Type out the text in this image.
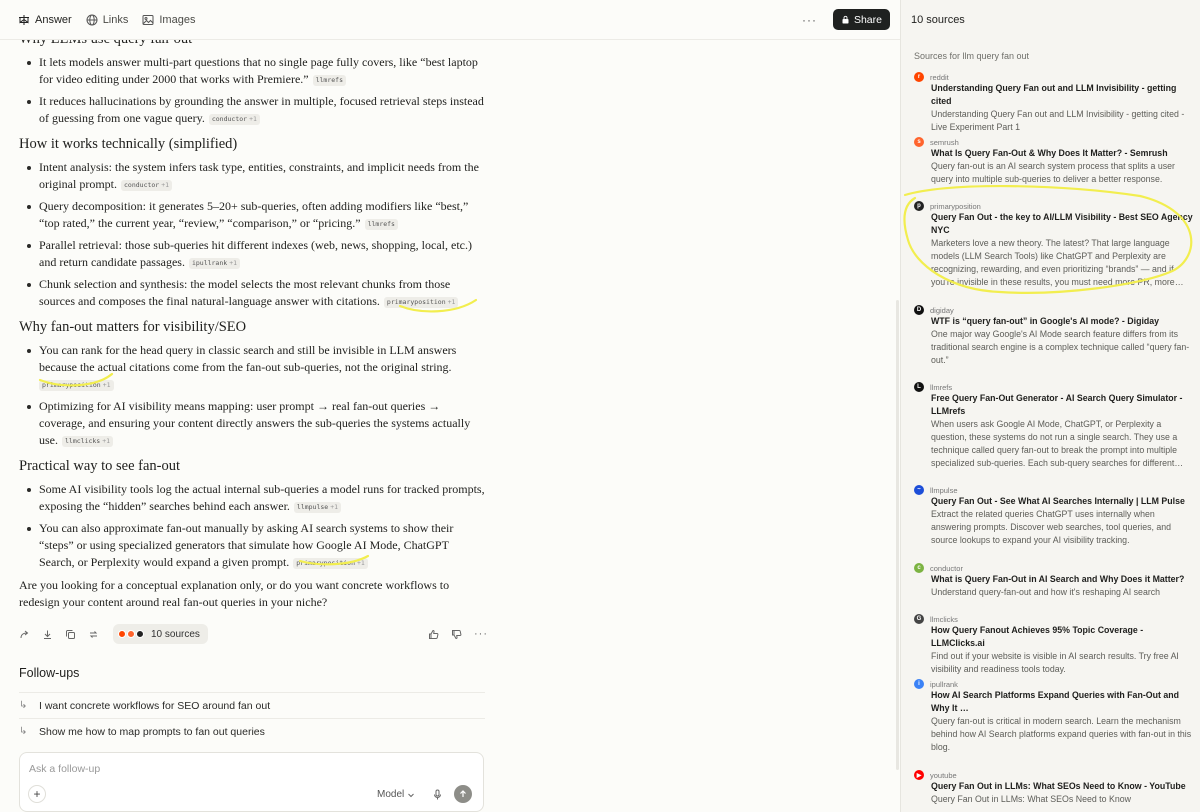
Answer	Links	Images	···	Share
It lets models answer multi-part questions that no single page fully covers, like “best laptop for video editing under 2000 that works with Premiere.” llmrefs
It reduces hallucinations by grounding the answer in multiple, focused retrieval steps instead of guessing from one vague query. conductor +1
How it works technically (simplified)
Intent analysis: the system infers task type, entities, constraints, and implicit needs from the original prompt. conductor +1
Query decomposition: it generates 5–20+ sub-queries, often adding modifiers like “best,” “top rated,” the current year, “review,” “comparison,” or “pricing.” llmrefs
Parallel retrieval: those sub-queries hit different indexes (web, news, shopping, local, etc.) and return candidate passages. ipullrank +1
Chunk selection and synthesis: the model selects the most relevant chunks from those sources and composes the final natural-language answer with citations. primaryposition +1
Why fan-out matters for visibility/SEO
You can rank for the head query in classic search and still be invisible in LLM answers because the actual citations come from the fan-out sub-queries, not the original string.
primaryposition +1
Optimizing for AI visibility means mapping: user prompt → real fan-out queries → coverage, and ensuring your content directly answers the sub-queries the systems actually use. llmclicks +1
Practical way to see fan-out
Some AI visibility tools log the actual internal sub-queries a model runs for tracked prompts, exposing the “hidden” searches behind each answer. llmpulse +1
You can also approximate fan-out manually by asking AI search systems to show their “steps” or using specialized generators that simulate how Google AI Mode, ChatGPT Search, or Perplexity would expand a given prompt. primaryposition +1

Are you looking for a conceptual explanation only, or do you want concrete workflows to redesign your content around real fan-out queries in your niche?

10 sources	···
Follow-ups
↳	I want concrete workflows for SEO around fan out
↳	Show me how to map prompts to fan out queries
Ask a follow-up
+	Model
10 sources
Sources for llm query fan out
r	reddit
Understanding Query Fan out and LLM Invisibility - getting cited
Understanding Query Fan out and LLM Invisibility - getting cited - Live Experiment Part 1
s	semrush
What Is Query Fan-Out & Why Does It Matter? - Semrush
Query fan-out is an AI search system process that splits a user query into multiple sub-queries to deliver a better response.
p	primaryposition
Query Fan Out - the key to AI/LLM Visibility - Best SEO Agency NYC
Marketers love a new theory. The latest? That large language models (LLM Search Tools) like ChatGPT and Perplexity are recognizing, rewarding, and even prioritizing “brands” — and if you're invisible in these results, you must need more PR, more…
D	digiday
WTF is “query fan-out” in Google's AI mode? - Digiday
One major way Google's AI Mode search feature differs from its traditional search engine is a complex technique called “query fan-out.”
L	llmrefs
Free Query Fan-Out Generator - AI Search Query Simulator - LLMrefs
When users ask Google AI Mode, ChatGPT, or Perplexity a question, these systems do not run a single search. They use a technique called query fan-out to break the prompt into multiple specialized sub-queries. Each sub-query searches for different…
~	llmpulse
Query Fan Out - See What AI Searches Internally | LLM Pulse
Extract the related queries ChatGPT uses internally when answering prompts. Discover web searches, tool queries, and source lookups to expand your AI visibility tracking.
c	conductor
What is Query Fan-Out in AI Search and Why Does it Matter?
Understand query-fan-out and how it's reshaping AI search
G	llmclicks
How Query Fanout Achieves 95% Topic Coverage - LLMClicks.ai
Find out if your website is visible in AI search results. Try free AI visibility and readiness tools today.
i	ipullrank
How AI Search Platforms Expand Queries with Fan-Out and Why It …
Query fan-out is critical in modern search. Learn the mechanism behind how AI Search platforms expand queries with fan-out in this blog.
▶	youtube
Query Fan Out in LLMs: What SEOs Need to Know - YouTube
Query Fan Out in LLMs: What SEOs Need to Know
